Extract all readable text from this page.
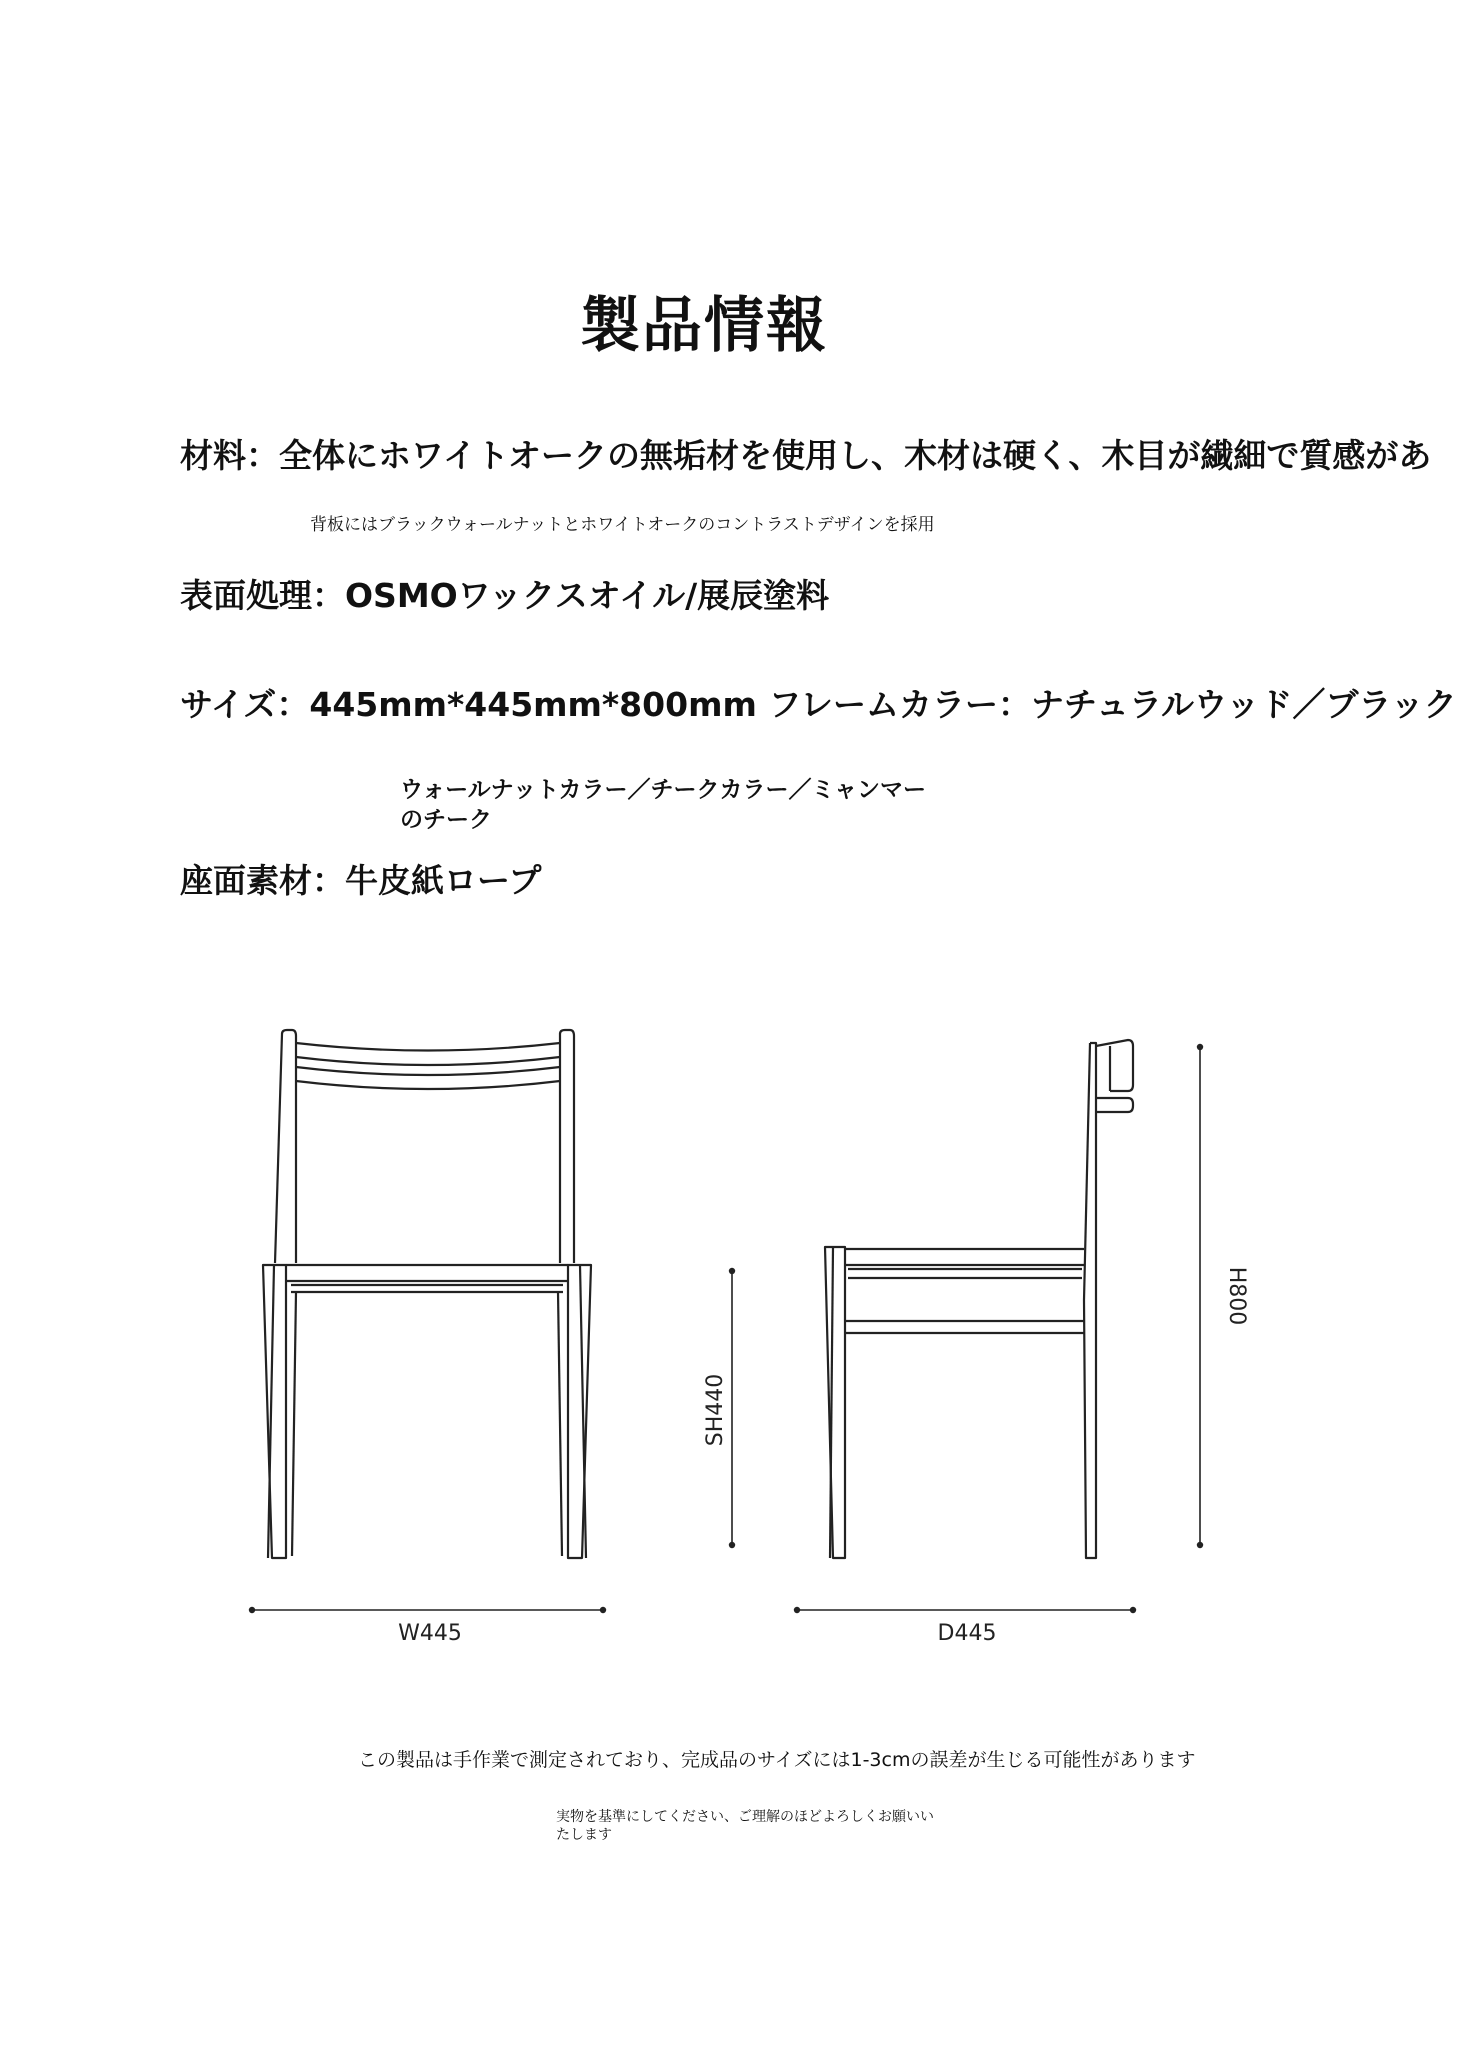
製品情報

材料：全体にホワイトオークの無垢材を使用し、木材は硬く、木目が繊細で質感があ

背板にはブラックウォールナットとホワイトオークのコントラストデザインを採用

表面処理：OSMOワックスオイル/展辰塗料

サイズ：445mm*445mm*800mm フレームカラー：ナチュラルウッド／ブラック

ウォールナットカラー／チークカラー／ミャンマーのチーク

座面素材：牛皮紙ロープ

W445	D445
SH440
H800

この製品は手作業で測定されており、完成品のサイズには1-3cmの誤差が生じる可能性があります

実物を基準にしてください、ご理解のほどよろしくお願いいたします
